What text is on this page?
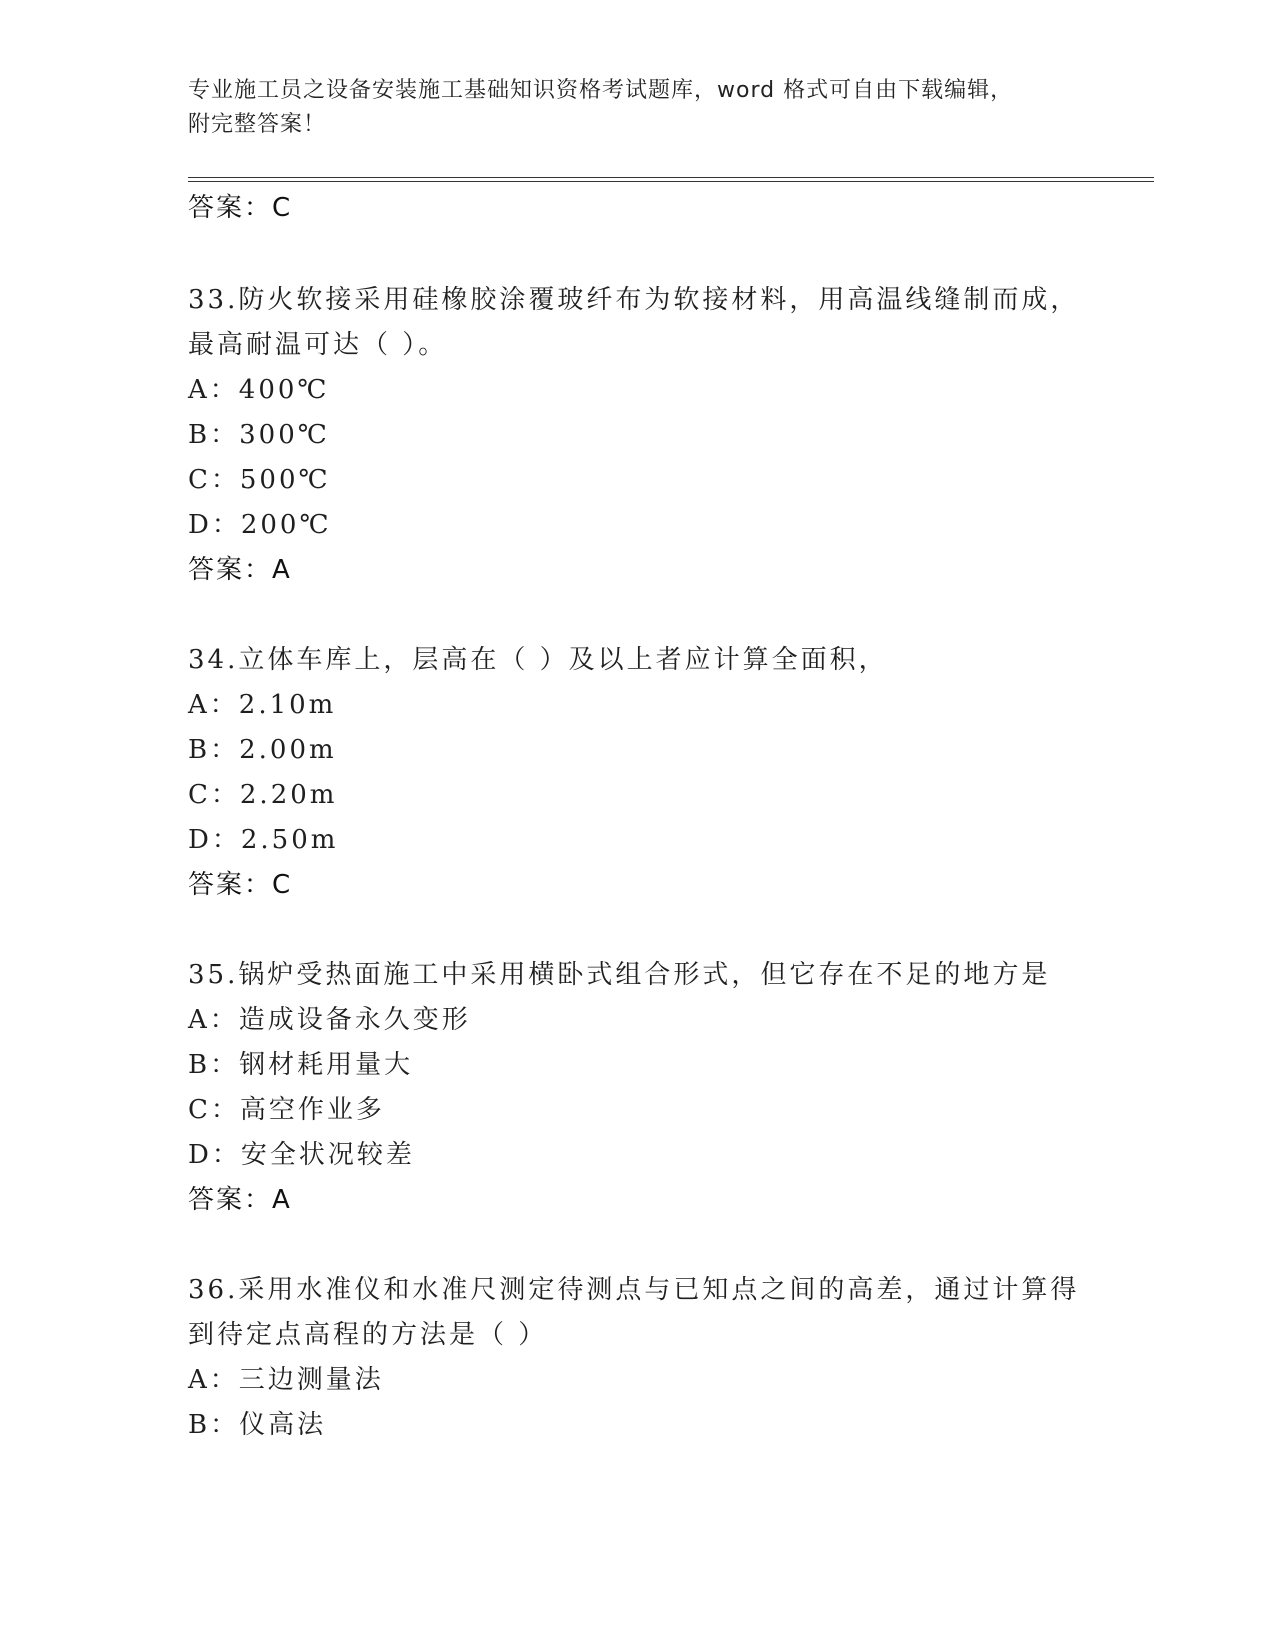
专业施工员之设备安装施工基础知识资格考试题库，word 格式可自由下载编辑，
附完整答案！
答案：C
33.防火软接采用硅橡胶涂覆玻纤布为软接材料，用高温线缝制而成，
最高耐温可达（ ）。
A：400℃
B：300℃
C：500℃
D：200℃
答案：A
34.立体车库上，层高在（ ）及以上者应计算全面积，
A：2.10m
B：2.00m
C：2.20m
D：2.50m
答案：C
35.锅炉受热面施工中采用横卧式组合形式，但它存在不足的地方是
A：造成设备永久变形
B：钢材耗用量大
C：高空作业多
D：安全状况较差
答案：A
36.采用水准仪和水准尺测定待测点与已知点之间的高差，通过计算得
到待定点高程的方法是（ ）
A：三边测量法
B：仪高法
